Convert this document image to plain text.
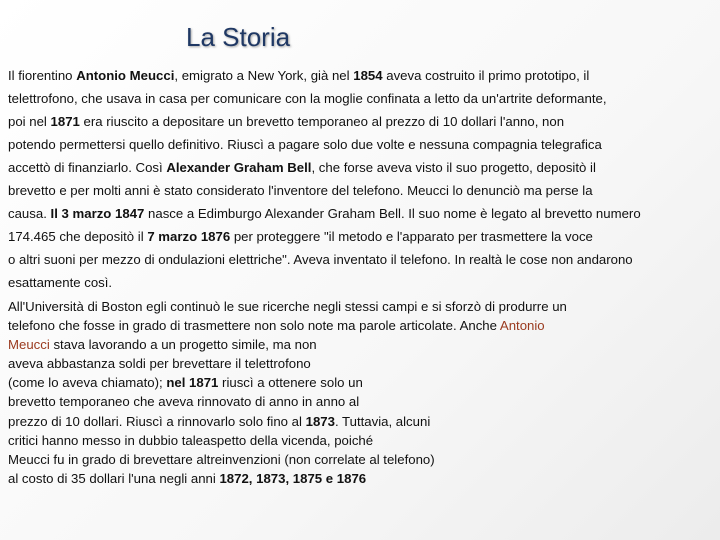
La Storia

Il fiorentino Antonio Meucci, emigrato a New York, già nel 1854 aveva costruito il primo prototipo, il
telettrofono, che usava in casa per comunicare con la moglie confinata a letto da un'artrite deformante,
poi nel 1871 era riuscito a depositare un brevetto temporaneo al prezzo di 10 dollari l'anno, non
potendo permettersi quello definitivo. Riuscì a pagare solo due volte e nessuna compagnia telegrafica
accettò di finanziarlo. Così Alexander Graham Bell, che forse aveva visto il suo progetto, depositò il
brevetto e per molti anni è stato considerato l'inventore del telefono. Meucci lo denunciò ma perse la
causa. Il 3 marzo 1847 nasce a Edimburgo Alexander Graham Bell. Il suo nome è legato al brevetto numero
174.465 che depositò il 7 marzo 1876 per proteggere "il metodo e l'apparato per trasmettere la voce
o altri suoni per mezzo di ondulazioni elettriche". Aveva inventato il telefono. In realtà le cose non andarono
esattamente così.

All'Università di Boston egli continuò le sue ricerche negli stessi campi e si sforzò di produrre un
telefono che fosse in grado di trasmettere non solo note ma parole articolate. Anche Antonio
Meucci stava lavorando a un progetto simile, ma non
aveva abbastanza soldi per brevettare il telettrofono
(come lo aveva chiamato); nel 1871 riuscì a ottenere solo un
brevetto temporaneo che aveva rinnovato di anno in anno al
prezzo di 10 dollari. Riuscì a rinnovarlo solo fino al 1873. Tuttavia, alcuni
critici hanno messo in dubbio taleaspetto della vicenda, poiché
Meucci fu in grado di brevettare altreinvenzioni (non correlate al telefono)
al costo di 35 dollari l'una negli anni 1872, 1873, 1875 e 1876
